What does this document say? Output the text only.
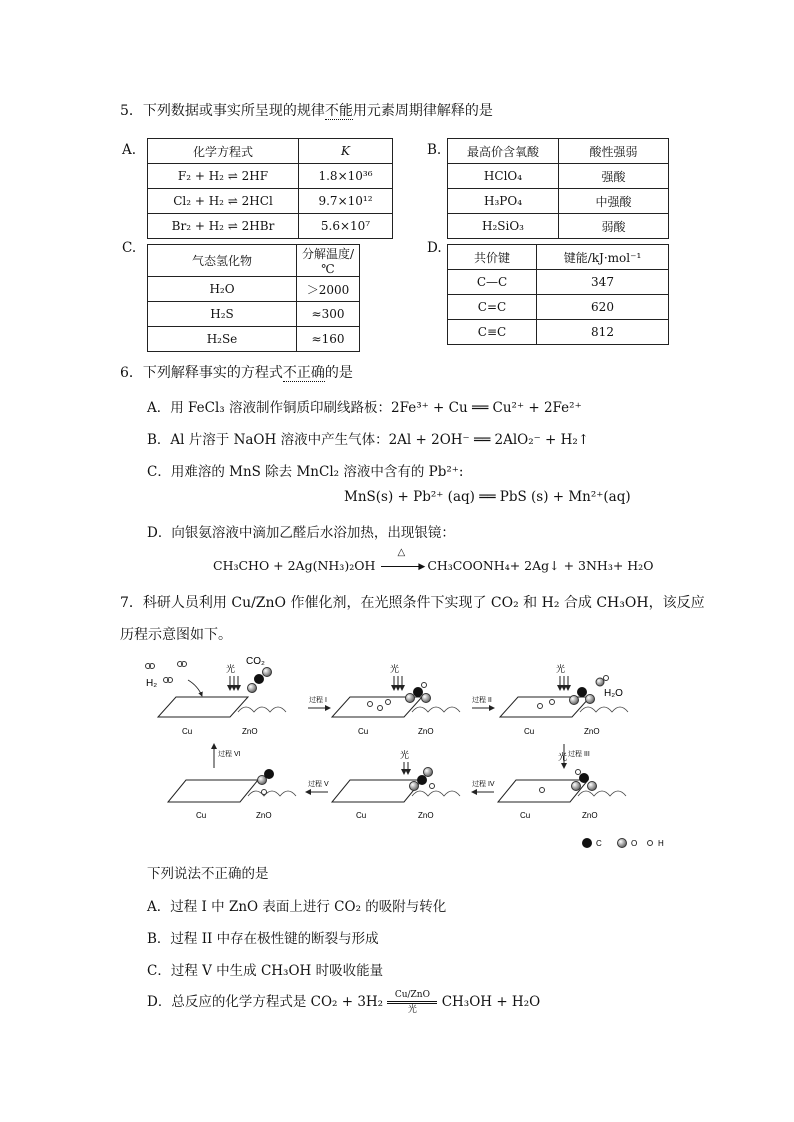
5．下列数据或事实所呈现的规律不能用元素周期律解释的是
A.	B.
C.	D.
化学方程式	K
F₂ + H₂ ⇌ 2HF	1.8×10³⁶
Cl₂ + H₂ ⇌ 2HCl	9.7×10¹²
Br₂ + H₂ ⇌ 2HBr	5.6×10⁷
最高价含氧酸	酸性强弱
HClO₄	强酸
H₃PO₄	中强酸
H₂SiO₃	弱酸
气态氢化物	分解温度/℃
H₂O	＞2000
H₂S	≈300
H₂Se	≈160
共价键	键能/kJ·mol⁻¹
C—C	347
C=C	620
C≡C	812
6．下列解释事实的方程式不正确的是
A．用 FeCl₃ 溶液制作铜质印刷线路板：2Fe³⁺ + Cu ══ Cu²⁺ + 2Fe²⁺
B．Al 片溶于 NaOH 溶液中产生气体：2Al + 2OH⁻ ══ 2AlO₂⁻ + H₂↑
C．用难溶的 MnS 除去 MnCl₂ 溶液中含有的 Pb²⁺:
MnS(s) + Pb²⁺ (aq) ══ PbS (s) + Mn²⁺(aq)
D．向银氨溶液中滴加乙醛后水浴加热，出现银镜：
CH₃CHO + 2Ag(NH₃)₂OH
△
▶ CH₃COONH₄+ 2Ag↓ + 3NH₃+ H₂O
7．科研人员利用 Cu/ZnO 作催化剂，在光照条件下实现了 CO₂ 和 H₂ 合成 CH₃OH，该反应
历程示意图如下。
H₂
光
CO₂
Cu	ZnO
过程 I
光
Cu	ZnO
过程 II
光
H₂O
Cu	ZnO
过程 III
光
Cu	ZnO
过程 IV
光
Cu	ZnO
过程 V
Cu	ZnO
过程 VI
C	O	H
下列说法不正确的是
A．过程 I 中 ZnO 表面上进行 CO₂ 的吸附与转化
B．过程 II 中存在极性键的断裂与形成
C．过程 V 中生成 CH₃OH 时吸收能量
D．总反应的化学方程式是 CO₂ + 3H₂	Cu/ZnO
光	CH₃OH + H₂O
